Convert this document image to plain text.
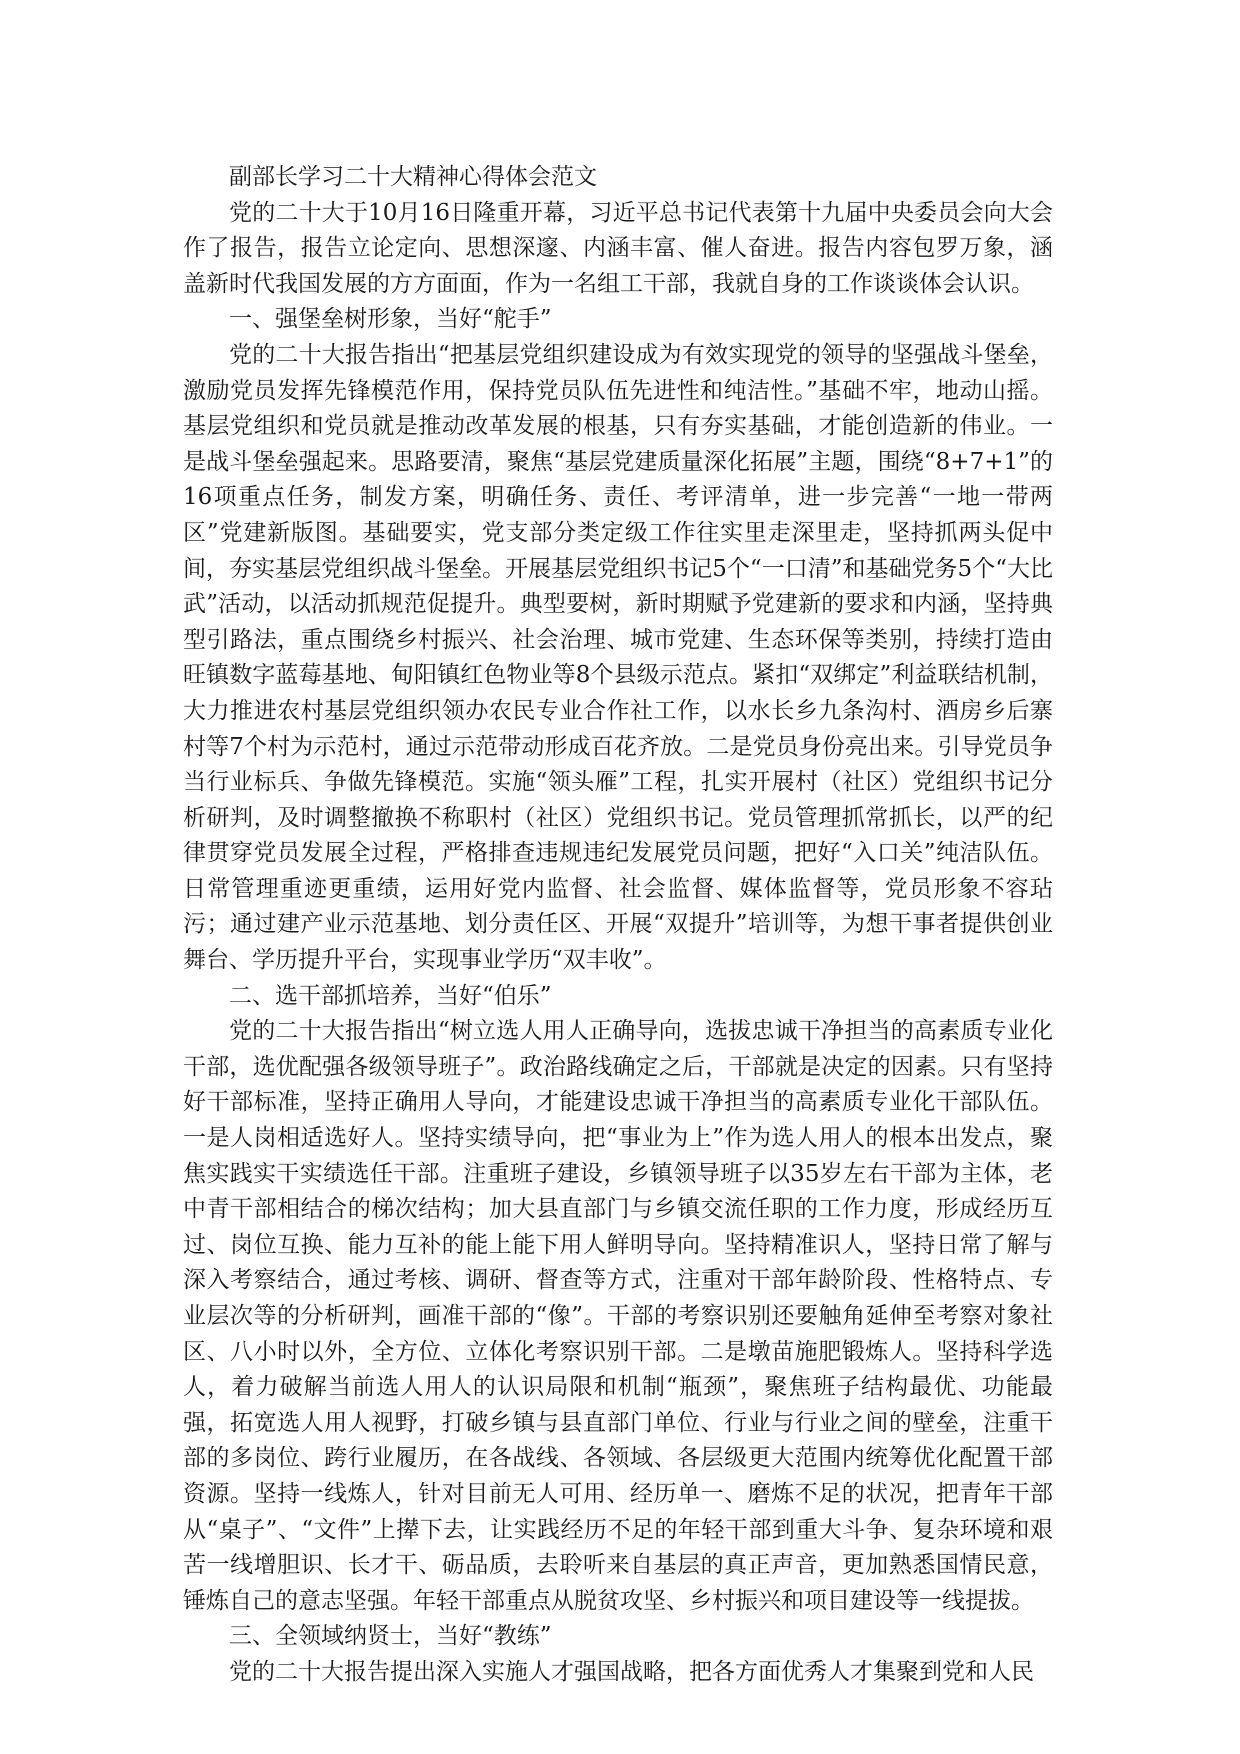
副部长学习二十大精神心得体会范文

党的二十大于10月16日隆重开幕，习近平总书记代表第十九届中央委员会向大会作了报告，报告立论定向、思想深邃、内涵丰富、催人奋进。报告内容包罗万象，涵盖新时代我国发展的方方面面，作为一名组工干部，我就自身的工作谈谈体会认识。

一、强堡垒树形象，当好“舵手”

党的二十大报告指出“把基层党组织建设成为有效实现党的领导的坚强战斗堡垒，激励党员发挥先锋模范作用，保持党员队伍先进性和纯洁性。”基础不牢，地动山摇。基层党组织和党员就是推动改革发展的根基，只有夯实基础，才能创造新的伟业。一是战斗堡垒强起来。思路要清，聚焦“基层党建质量深化拓展”主题，围绕“8+7+1”的16项重点任务，制发方案，明确任务、责任、考评清单，进一步完善“一地一带两区”党建新版图。基础要实，党支部分类定级工作往实里走深里走，坚持抓两头促中间，夯实基层党组织战斗堡垒。开展基层党组织书记5个“一口清”和基础党务5个“大比武”活动，以活动抓规范促提升。典型要树，新时期赋予党建新的要求和内涵，坚持典型引路法，重点围绕乡村振兴、社会治理、城市党建、生态环保等类别，持续打造由旺镇数字蓝莓基地、甸阳镇红色物业等8个县级示范点。紧扣“双绑定”利益联结机制，大力推进农村基层党组织领办农民专业合作社工作，以水长乡九条沟村、酒房乡后寨村等7个村为示范村，通过示范带动形成百花齐放。二是党员身份亮出来。引导党员争当行业标兵、争做先锋模范。实施“领头雁”工程，扎实开展村（社区）党组织书记分析研判，及时调整撤换不称职村（社区）党组织书记。党员管理抓常抓长，以严的纪律贯穿党员发展全过程，严格排查违规违纪发展党员问题，把好“入口关”纯洁队伍。日常管理重迹更重绩，运用好党内监督、社会监督、媒体监督等，党员形象不容玷污；通过建产业示范基地、划分责任区、开展“双提升”培训等，为想干事者提供创业舞台、学历提升平台，实现事业学历“双丰收”。

二、选干部抓培养，当好“伯乐”

党的二十大报告指出“树立选人用人正确导向，选拔忠诚干净担当的高素质专业化干部，选优配强各级领导班子”。政治路线确定之后，干部就是决定的因素。只有坚持好干部标准，坚持正确用人导向，才能建设忠诚干净担当的高素质专业化干部队伍。一是人岗相适选好人。坚持实绩导向，把“事业为上”作为选人用人的根本出发点，聚焦实践实干实绩选任干部。注重班子建设，乡镇领导班子以35岁左右干部为主体，老中青干部相结合的梯次结构；加大县直部门与乡镇交流任职的工作力度，形成经历互过、岗位互换、能力互补的能上能下用人鲜明导向。坚持精准识人，坚持日常了解与深入考察结合，通过考核、调研、督查等方式，注重对干部年龄阶段、性格特点、专业层次等的分析研判，画准干部的“像”。干部的考察识别还要触角延伸至考察对象社区、八小时以外，全方位、立体化考察识别干部。二是墩苗施肥锻炼人。坚持科学选人，着力破解当前选人用人的认识局限和机制“瓶颈”，聚焦班子结构最优、功能最强，拓宽选人用人视野，打破乡镇与县直部门单位、行业与行业之间的壁垒，注重干部的多岗位、跨行业履历，在各战线、各领域、各层级更大范围内统筹优化配置干部资源。坚持一线炼人，针对目前无人可用、经历单一、磨炼不足的状况，把青年干部从“桌子”、“文件”上撵下去，让实践经历不足的年轻干部到重大斗争、复杂环境和艰苦一线增胆识、长才干、砺品质，去聆听来自基层的真正声音，更加熟悉国情民意，锤炼自己的意志坚强。年轻干部重点从脱贫攻坚、乡村振兴和项目建设等一线提拔。

三、全领域纳贤士，当好“教练”

党的二十大报告提出深入实施人才强国战略，把各方面优秀人才集聚到党和人民
